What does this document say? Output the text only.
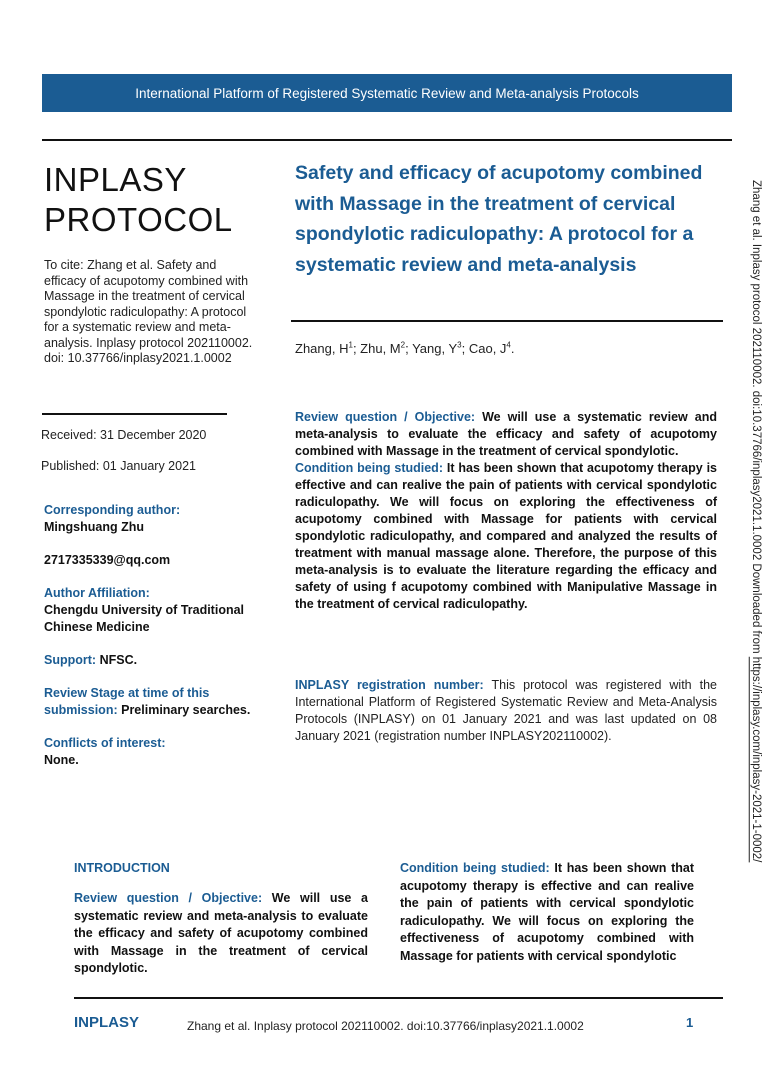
International Platform of Registered Systematic Review and Meta-analysis Protocols
INPLASY
PROTOCOL
To cite: Zhang et al. Safety and efficacy of acupotomy combined with Massage in the treatment of cervical spondylotic radiculopathy: A protocol for a systematic review and meta-analysis. Inplasy protocol 202110002. doi: 10.37766/inplasy2021.1.0002
Received: 31 December 2020
Published: 01 January 2021
Corresponding author:
Mingshuang Zhu
2717335339@qq.com
Author Affiliation:
Chengdu University of Traditional Chinese Medicine
Support: NFSC.
Review Stage at time of this submission: Preliminary searches.
Conflicts of interest:
None.
Safety and efficacy of acupotomy combined with Massage in the treatment of cervical spondylotic radiculopathy: A protocol for a systematic review and meta-analysis
Zhang, $H^1$; Zhu, $M^2$; Yang, $Y^3$; Cao, $J^4$.
Review question / Objective: We will use a systematic review and meta-analysis to evaluate the efficacy and safety of acupotomy combined with Massage in the treatment of cervical spondylotic.
Condition being studied: It has been shown that acupotomy therapy is effective and can realive the pain of patients with cervical spondylotic radiculopathy. We will focus on exploring the effectiveness of acupotomy combined with Massage for patients with cervical spondylotic radiculopathy, and compared and analyzed the results of treatment with manual massage alone. Therefore, the purpose of this meta-analysis is to evaluate the literature regarding the efficacy and safety of using f acupotomy combined with Manipulative Massage in the treatment of cervical radiculopathy.
INPLASY registration number: This protocol was registered with the International Platform of Registered Systematic Review and Meta-Analysis Protocols (INPLASY) on 01 January 2021 and was last updated on 08 January 2021 (registration number INPLASY202110002).
Zhang et al. Inplasy protocol 202110002. doi:10.37766/inplasy2021.1.0002 Downloaded from https://inplasy.com/inplasy-2021-1-0002/
INTRODUCTION
Review question / Objective: We will use a systematic review and meta-analysis to evaluate the efficacy and safety of acupotomy combined with Massage in the treatment of cervical spondylotic.
Condition being studied: It has been shown that acupotomy therapy is effective and can realive the pain of patients with cervical spondylotic radiculopathy. We will focus on exploring the effectiveness of acupotomy combined with Massage for patients with cervical spondylotic
INPLASY	Zhang et al. Inplasy protocol 202110002. doi:10.37766/inplasy2021.1.0002	1
